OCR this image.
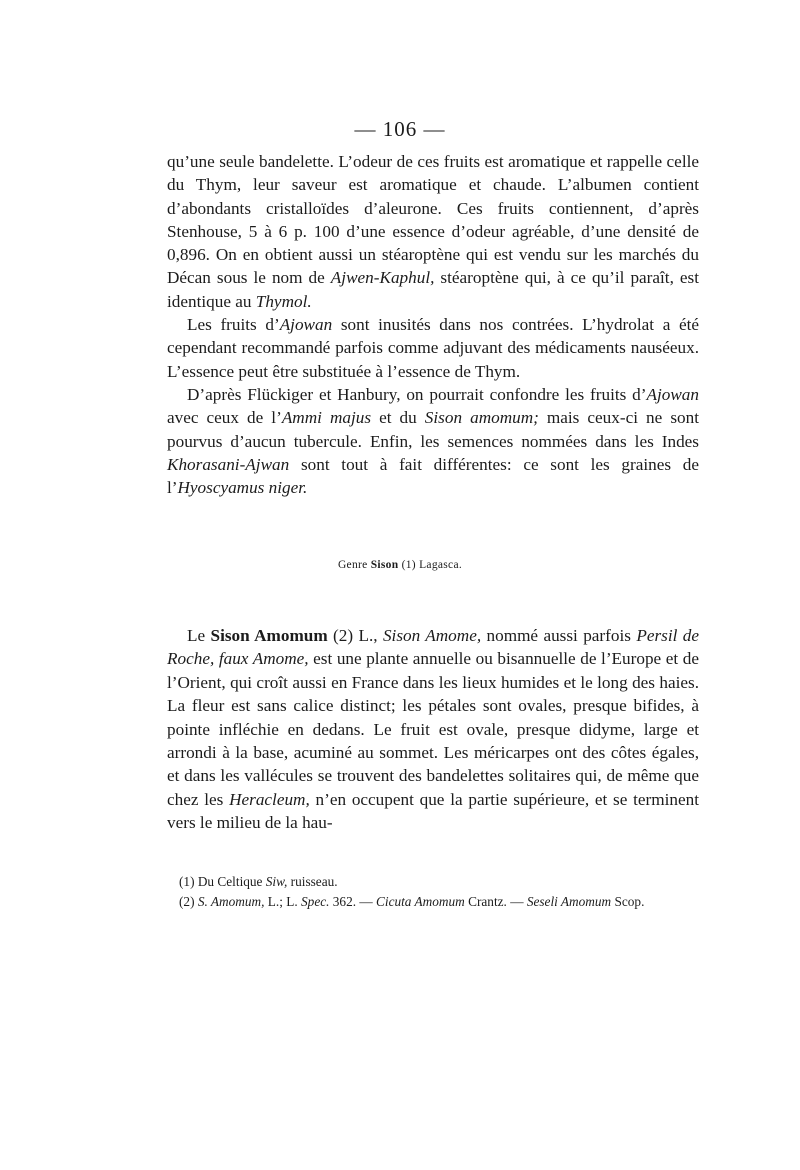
— 106 —

qu’une seule bandelette. L’odeur de ces fruits est aromatique et rappelle celle du Thym, leur saveur est aromatique et chaude. L’albumen contient d’abondants cristalloïdes d’aleurone. Ces fruits contiennent, d’après Stenhouse, 5 à 6 p. 100 d’une essence d’odeur agréable, d’une densité de 0,896. On en obtient aussi un stéaroptène qui est vendu sur les marchés du Décan sous le nom de Ajwen-Kaphul, stéaroptène qui, à ce qu’il paraît, est identique au Thymol.

Les fruits d’Ajowan sont inusités dans nos contrées. L’hydrolat a été cependant recommandé parfois comme adjuvant des médicaments nauséeux. L’essence peut être substituée à l’essence de Thym.

D’après Flückiger et Hanbury, on pourrait confondre les fruits d’Ajowan avec ceux de l’Ammi majus et du Sison amomum; mais ceux-ci ne sont pourvus d’aucun tubercule. Enfin, les semences nommées dans les Indes Khorasani-Ajwan sont tout à fait différentes: ce sont les graines de l’Hyoscyamus niger.

Genre Sison (1) Lagasca.

Le Sison Amomum (2) L., Sison Amome, nommé aussi parfois Persil de Roche, faux Amome, est une plante annuelle ou bisannuelle de l’Europe et de l’Orient, qui croît aussi en France dans les lieux humides et le long des haies. La fleur est sans calice distinct; les pétales sont ovales, presque bifides, à pointe infléchie en dedans. Le fruit est ovale, presque didyme, large et arrondi à la base, acuminé au sommet. Les méricarpes ont des côtes égales, et dans les vallécules se trouvent des bandelettes solitaires qui, de même que chez les Heracleum, n’en occupent que la partie supérieure, et se terminent vers le milieu de la hau-

(1) Du Celtique Siw, ruisseau.

(2) S. Amomum, L.; L. Spec. 362. — Cicuta Amomum Crantz. — Seseli Amomum Scop.
